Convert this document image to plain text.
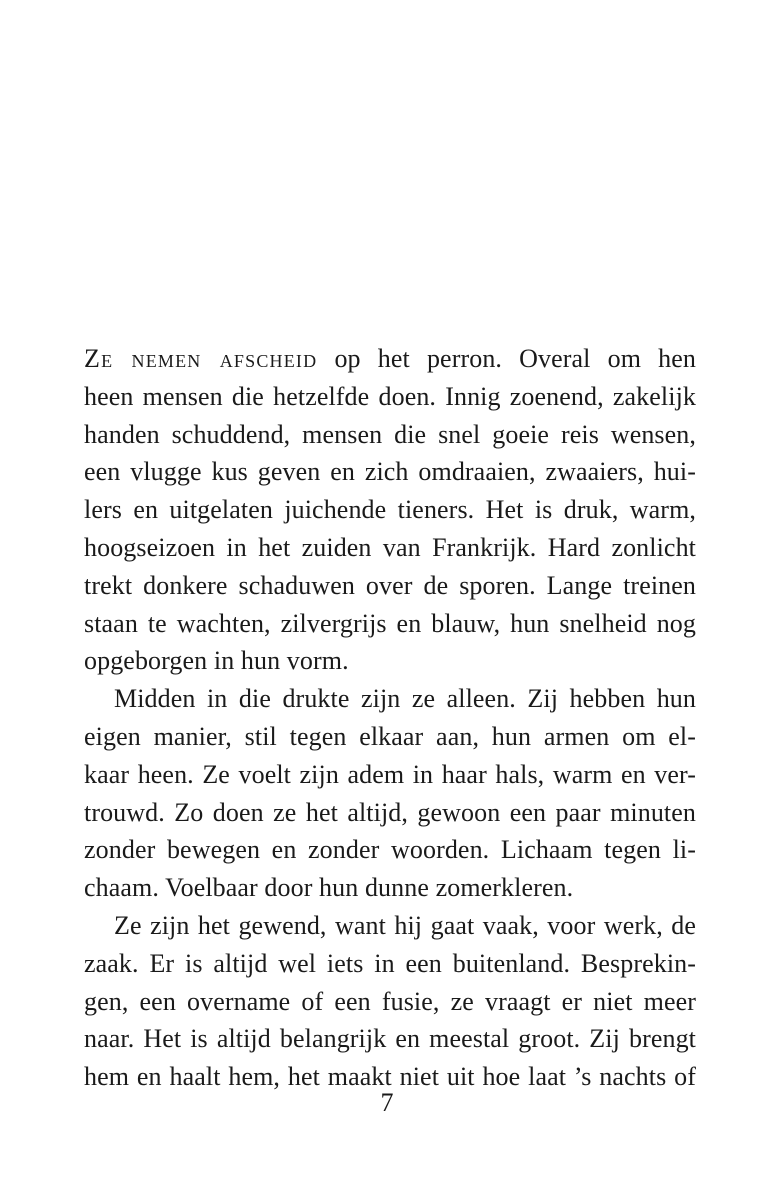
Ze nemen afscheid op het perron. Overal om hen
heen mensen die hetzelfde doen. Innig zoenend, zakelijk
handen schuddend, mensen die snel goeie reis wensen,
een vlugge kus geven en zich omdraaien, zwaaiers, hui-
lers en uitgelaten juichende tieners. Het is druk, warm,
hoogseizoen in het zuiden van Frankrijk. Hard zonlicht
trekt donkere schaduwen over de sporen. Lange treinen
staan te wachten, zilvergrijs en blauw, hun snelheid nog
opgeborgen in hun vorm.
Midden in die drukte zijn ze alleen. Zij hebben hun
eigen manier, stil tegen elkaar aan, hun armen om el-
kaar heen. Ze voelt zijn adem in haar hals, warm en ver-
trouwd. Zo doen ze het altijd, gewoon een paar minuten
zonder bewegen en zonder woorden. Lichaam tegen li-
chaam. Voelbaar door hun dunne zomerkleren.
Ze zijn het gewend, want hij gaat vaak, voor werk, de
zaak. Er is altijd wel iets in een buitenland. Besprekin-
gen, een overname of een fusie, ze vraagt er niet meer
naar. Het is altijd belangrijk en meestal groot. Zij brengt
hem en haalt hem, het maakt niet uit hoe laat ’s nachts of
7
